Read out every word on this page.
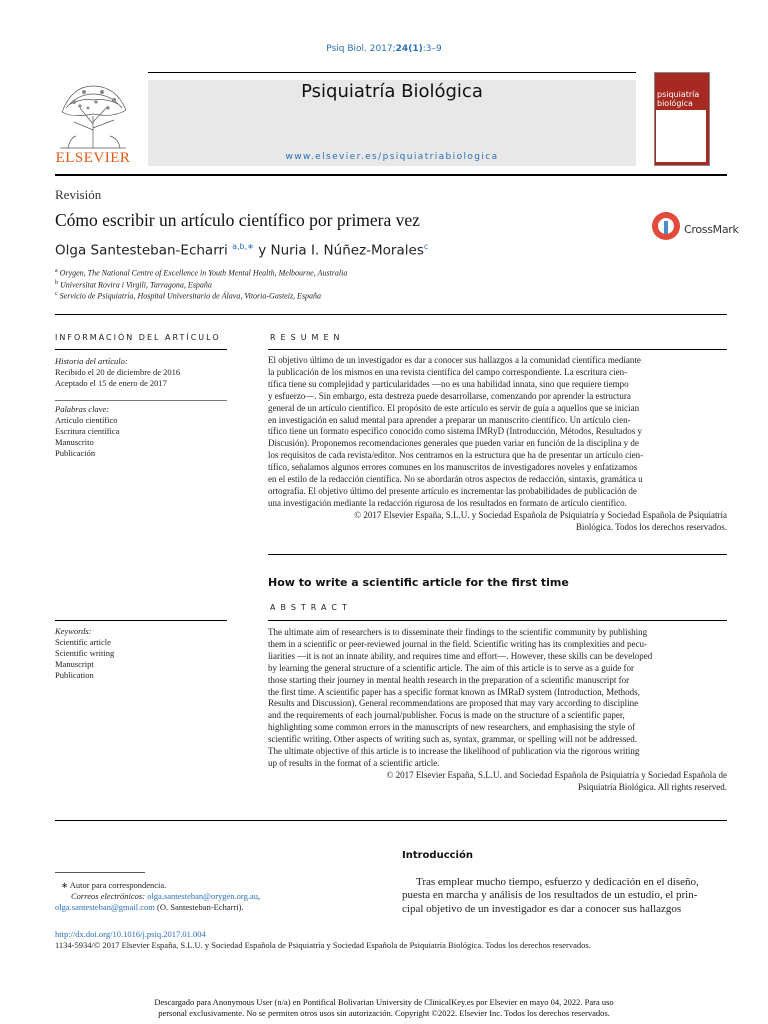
Psiq Biol. 2017;24(1):3–9
ELSEVIER
Psiquiatría Biológica
www.elsevier.es/psiquiatriabiologica
psiquiatría
biológica
Revisión
Cómo escribir un artículo científico por primera vez
Olga Santesteban-Echarri $^{a,b,∗}$ y Nuria I. Núñez-Morales$^c$
CrossMark
$^a$ Orygen, The National Centre of Excellence in Youth Mental Health, Melbourne, Australia
$^b$ Universitat Rovira i Virgili, Tarragona, España
$^c$ Servicio de Psiquiatría, Hospital Universitario de Álava, Vitoria-Gasteiz, España
INFORMACIÓN DEL ARTÍCULO
Historia del artículo:
Recibido el 20 de diciembre de 2016
Aceptado el 15 de enero de 2017
Palabras clave:
Artículo científico
Escritura científica
Manuscrito
Publicación
RESUMEN
El objetivo último de un investigador es dar a conocer sus hallazgos a la comunidad científica mediante
la publicación de los mismos en una revista científica del campo correspondiente. La escritura cien-
tífica tiene su complejidad y particularidades —no es una habilidad innata, sino que requiere tiempo
y esfuerzo—. Sin embargo, esta destreza puede desarrollarse, comenzando por aprender la estructura
general de un artículo científico. El propósito de este artículo es servir de guía a aquellos que se inician
en investigación en salud mental para aprender a preparar un manuscrito científico. Un artículo cien-
tífico tiene un formato específico conocido como sistema IMRyD (Introducción, Métodos, Resultados y
Discusión). Proponemos recomendaciones generales que pueden variar en función de la disciplina y de
los requisitos de cada revista/editor. Nos centramos en la estructura que ha de presentar un artículo cien-
tífico, señalamos algunos errores comunes en los manuscritos de investigadores noveles y enfatizamos
en el estilo de la redacción científica. No se abordarán otros aspectos de redacción, sintaxis, gramática u
ortografía. El objetivo último del presente artículo es incrementar las probabilidades de publicación de
una investigación mediante la redacción rigurosa de los resultados en formato de artículo científico.
© 2017 Elsevier España, S.L.U. y Sociedad Española de Psiquiatría y Sociedad Española de Psiquiatría
Biológica. Todos los derechos reservados.
How to write a scientific article for the first time
ABSTRACT
Keywords:
Scientific article
Scientific writing
Manuscript
Publication
The ultimate aim of researchers is to disseminate their findings to the scientific community by publishing
them in a scientific or peer-reviewed journal in the field. Scientific writing has its complexities and pecu-
liarities —it is not an innate ability, and requires time and effort—. However, these skills can be developed
by learning the general structure of a scientific article. The aim of this article is to serve as a guide for
those starting their journey in mental health research in the preparation of a scientific manuscript for
the first time. A scientific paper has a specific format known as IMRaD system (Introduction, Methods,
Results and Discussion). General recommendations are proposed that may vary according to discipline
and the requirements of each journal/publisher. Focus is made on the structure of a scientific paper,
highlighting some common errors in the manuscripts of new researchers, and emphasising the style of
scientific writing. Other aspects of writing such as, syntax, grammar, or spelling will not be addressed.
The ultimate objective of this article is to increase the likelihood of publication via the rigorous writing
up of results in the format of a scientific article.
© 2017 Elsevier España, S.L.U. and Sociedad Española de Psiquiatría y Sociedad Española de
Psiquiatría Biológica. All rights reserved.
Introducción
Tras emplear mucho tiempo, esfuerzo y dedicación en el diseño,
puesta en marcha y análisis de los resultados de un estudio, el prin-
cipal objetivo de un investigador es dar a conocer sus hallazgos
∗ Autor para correspondencia.
Correos electrónicos: olga.santesteban@orygen.org.au,
olga.santesteban@gmail.com (O. Santesteban-Echarri).
http://dx.doi.org/10.1016/j.psiq.2017.01.004
1134-5934/© 2017 Elsevier España, S.L.U. y Sociedad Española de Psiquiatría y Sociedad Española de Psiquiatría Biológica. Todos los derechos reservados.
Descargado para Anonymous User (n/a) en Pontifical Bolivarian University de ClinicalKey.es por Elsevier en mayo 04, 2022. Para uso
personal exclusivamente. No se permiten otros usos sin autorización. Copyright ©2022. Elsevier Inc. Todos los derechos reservados.
